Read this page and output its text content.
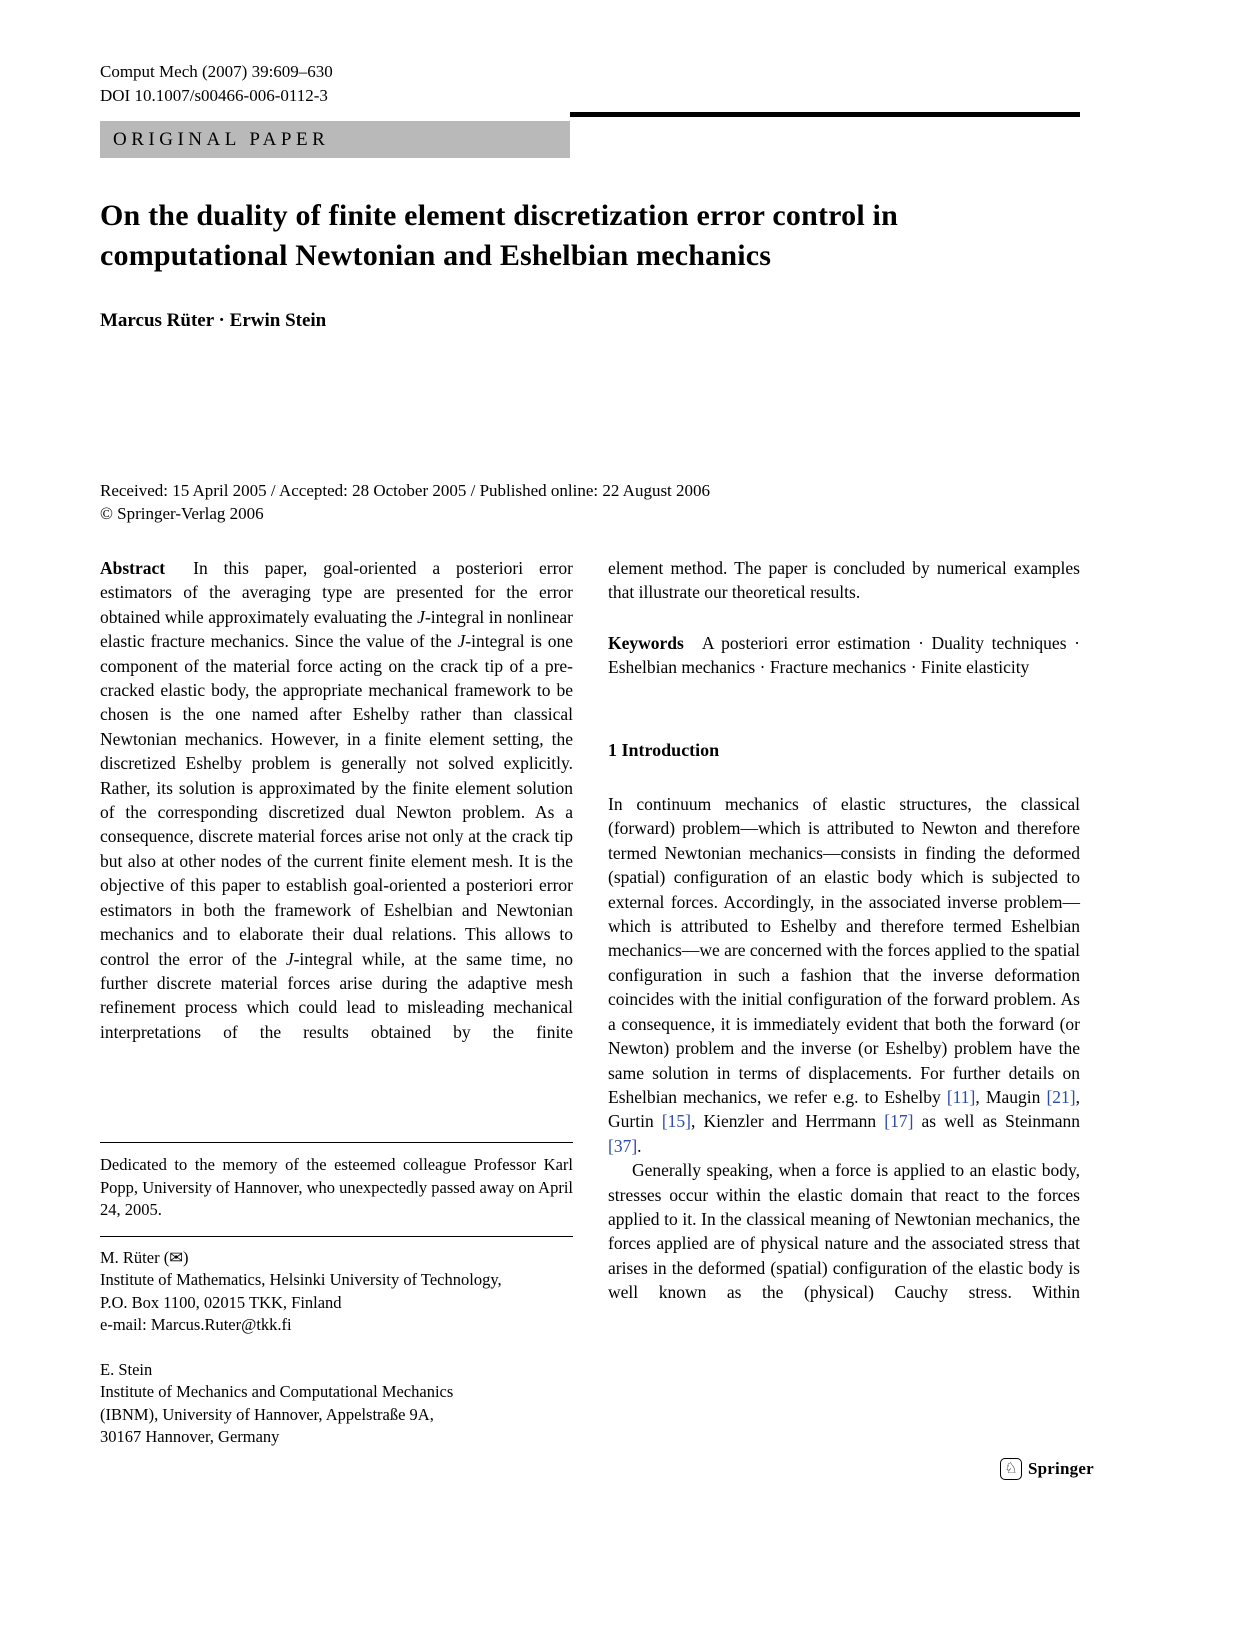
Comput Mech (2007) 39:609–630
DOI 10.1007/s00466-006-0112-3
ORIGINAL PAPER
On the duality of finite element discretization error control in computational Newtonian and Eshelbian mechanics
Marcus Rüter · Erwin Stein
Received: 15 April 2005 / Accepted: 28 October 2005 / Published online: 22 August 2006
© Springer-Verlag 2006

Abstract In this paper, goal-oriented a posteriori error estimators of the averaging type are presented for the error obtained while approximately evaluating the J-integral in nonlinear elastic fracture mechanics. Since the value of the J-integral is one component of the material force acting on the crack tip of a pre-cracked elastic body, the appropriate mechanical framework to be chosen is the one named after Eshelby rather than classical Newtonian mechanics. However, in a finite element setting, the discretized Eshelby problem is generally not solved explicitly. Rather, its solution is approximated by the finite element solution of the corresponding discretized dual Newton problem. As a consequence, discrete material forces arise not only at the crack tip but also at other nodes of the current finite element mesh. It is the objective of this paper to establish goal-oriented a posteriori error estimators in both the framework of Eshelbian and Newtonian mechanics and to elaborate their dual relations. This allows to control the error of the J-integral while, at the same time, no further discrete material forces arise during the adaptive mesh refinement process which could lead to misleading mechanical interpretations of the results obtained by the finite

element method. The paper is concluded by numerical examples that illustrate our theoretical results.

Keywords A posteriori error estimation · Duality techniques · Eshelbian mechanics · Fracture mechanics · Finite elasticity

1 Introduction

In continuum mechanics of elastic structures, the classical (forward) problem—which is attributed to Newton and therefore termed Newtonian mechanics—consists in finding the deformed (spatial) configuration of an elastic body which is subjected to external forces. Accordingly, in the associated inverse problem—which is attributed to Eshelby and therefore termed Eshelbian mechanics—we are concerned with the forces applied to the spatial configuration in such a fashion that the inverse deformation coincides with the initial configuration of the forward problem. As a consequence, it is immediately evident that both the forward (or Newton) problem and the inverse (or Eshelby) problem have the same solution in terms of displacements. For further details on Eshelbian mechanics, we refer e.g. to Eshelby [11], Maugin [21], Gurtin [15], Kienzler and Herrmann [17] as well as Steinmann [37].

Generally speaking, when a force is applied to an elastic body, stresses occur within the elastic domain that react to the forces applied to it. In the classical meaning of Newtonian mechanics, the forces applied are of physical nature and the associated stress that arises in the deformed (spatial) configuration of the elastic body is well known as the (physical) Cauchy stress. Within

Dedicated to the memory of the esteemed colleague Professor Karl Popp, University of Hannover, who unexpectedly passed away on April 24, 2005.

M. Rüter (✉)
Institute of Mathematics, Helsinki University of Technology,
P.O. Box 1100, 02015 TKK, Finland
e-mail: Marcus.Ruter@tkk.fi
E. Stein
Institute of Mechanics and Computational Mechanics
(IBNM), University of Hannover, Appelstraße 9A,
30167 Hannover, Germany
♘ Springer
